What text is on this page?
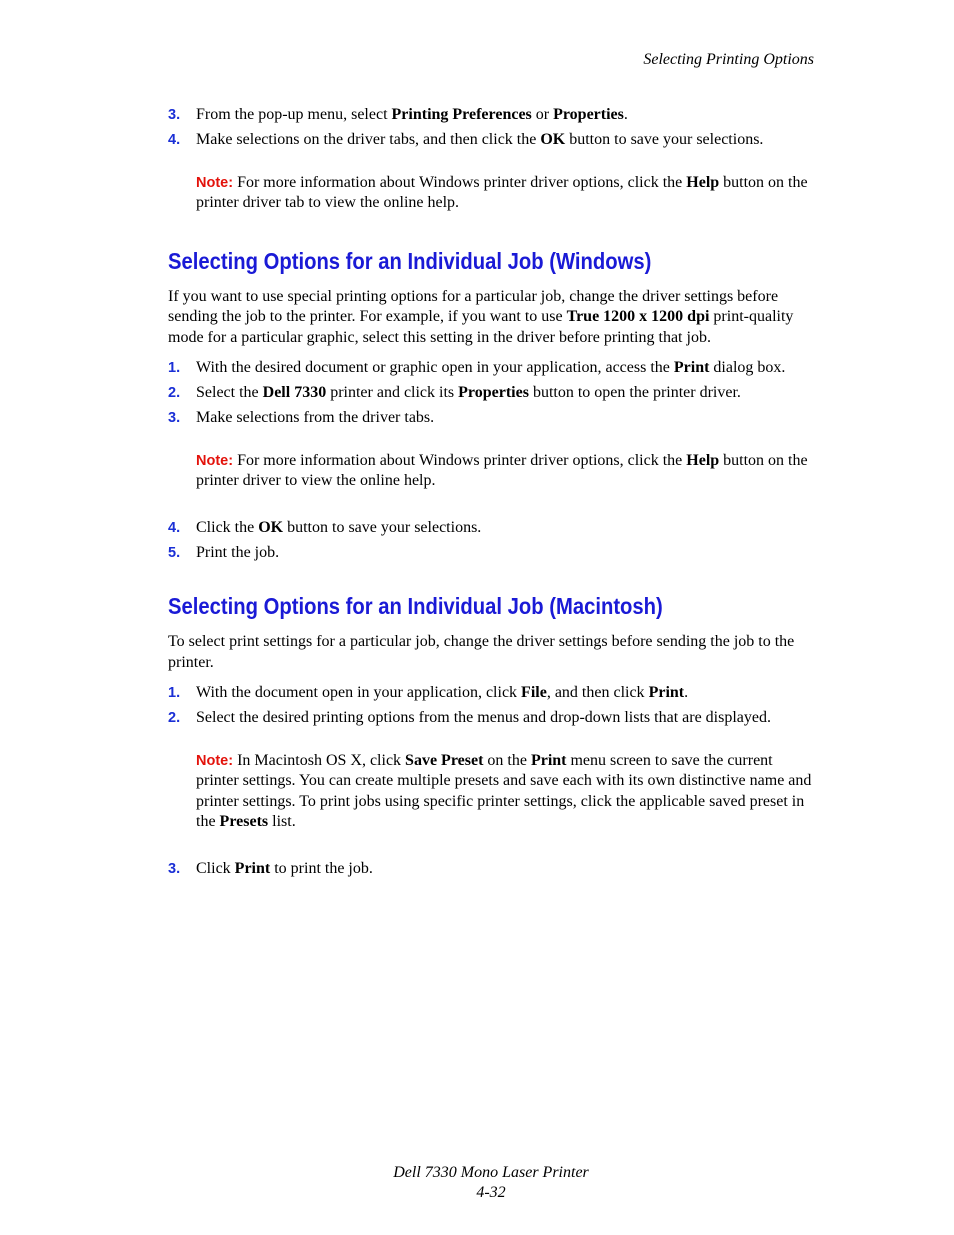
Selecting Printing Options
3. From the pop-up menu, select Printing Preferences or Properties.
4. Make selections on the driver tabs, and then click the OK button to save your selections.
Note: For more information about Windows printer driver options, click the Help button on the printer driver tab to view the online help.
Selecting Options for an Individual Job (Windows)

If you want to use special printing options for a particular job, change the driver settings before sending the job to the printer. For example, if you want to use True 1200 x 1200 dpi print-quality mode for a particular graphic, select this setting in the driver before printing that job.

1. With the desired document or graphic open in your application, access the Print dialog box.
2. Select the Dell 7330 printer and click its Properties button to open the printer driver.
3. Make selections from the driver tabs.
Note: For more information about Windows printer driver options, click the Help button on the printer driver to view the online help.
4. Click the OK button to save your selections.
5. Print the job.
Selecting Options for an Individual Job (Macintosh)

To select print settings for a particular job, change the driver settings before sending the job to the printer.

1. With the document open in your application, click File, and then click Print.
2. Select the desired printing options from the menus and drop-down lists that are displayed.
Note: In Macintosh OS X, click Save Preset on the Print menu screen to save the current printer settings. You can create multiple presets and save each with its own distinctive name and printer settings. To print jobs using specific printer settings, click the applicable saved preset in the Presets list.
3. Click Print to print the job.
Dell 7330 Mono Laser Printer
4-32
